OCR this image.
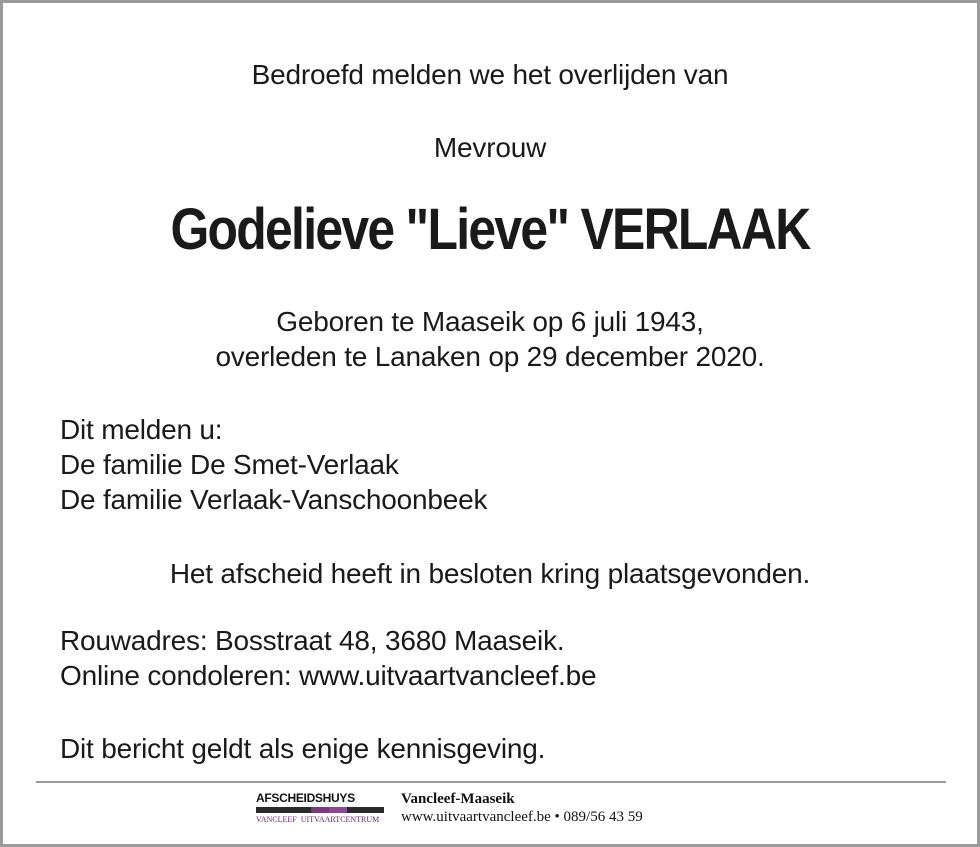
Bedroefd melden we het overlijden van
Mevrouw
Godelieve "Lieve" VERLAAK
Geboren te Maaseik op 6 juli 1943,
overleden te Lanaken op 29 december 2020.
Dit melden u:
De familie De Smet-Verlaak
De familie Verlaak-Vanschoonbeek
Het afscheid heeft in besloten kring plaatsgevonden.
Rouwadres: Bosstraat 48, 3680 Maaseik.
Online condoleren: www.uitvaartvancleef.be
Dit bericht geldt als enige kennisgeving.
AFSCHEIDSHUYS
VANCLEEF UITVAARTCENTRUM
Vancleef-Maaseik
www.uitvaartvancleef.be • 089/56 43 59
